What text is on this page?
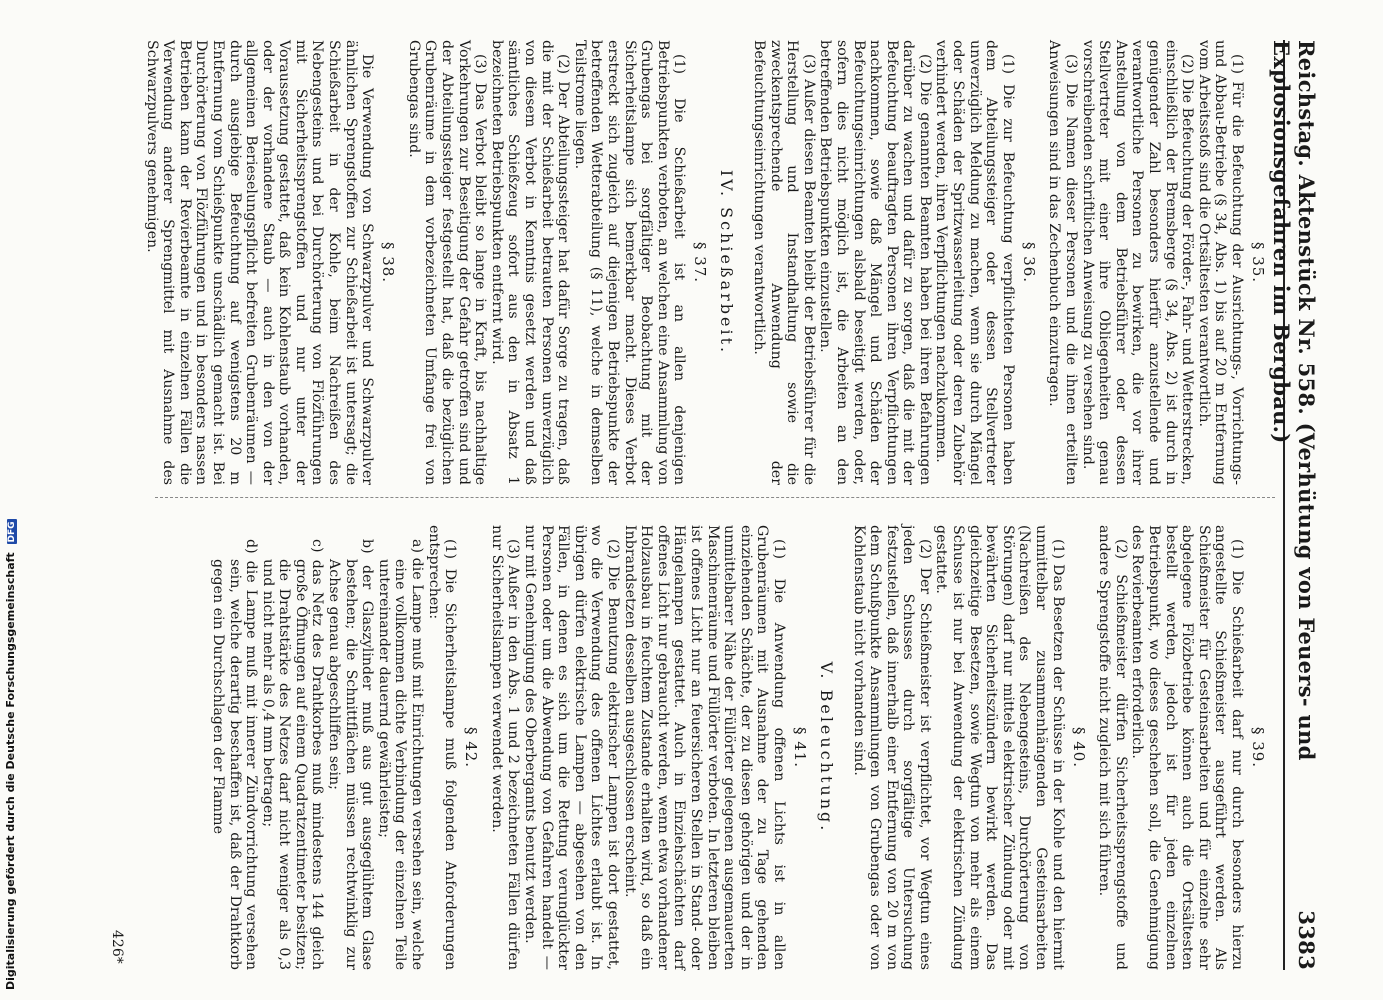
Reichstag. Aktenstück Nr. 558. (Verhütung von Feuers- und Explosionsgefahren im Bergbau.)
3383
§ 35.

(1) Für die Befeuchtung der Ausrichtungs-, Vorrichtungs- und Abbau-Betriebe (§ 34, Abs. 1) bis auf 20 m Entfernung vom Arbeitsstoß sind die Ortsältesten verantwortlich.

(2) Die Befeuchtung der Förder-, Fahr- und Wetterstrecken, einschließlich der Bremsberge (§ 34, Abs. 2) ist durch in genügender Zahl besonders hierfür anzustellende und verantwortliche Personen zu bewirken, die vor ihrer Anstellung von dem Betriebsführer oder dessen Stellvertreter mit einer ihre Obliegenheiten genau vorschreibenden schriftlichen Anweisung zu versehen sind.

(3) Die Namen dieser Personen und die ihnen erteilten Anweisungen sind in das Zechenbuch einzutragen.

§ 36.

(1) Die zur Befeuchtung verpflichteten Personen haben dem Abteilungssteiger oder dessen Stellvertreter unverzüglich Meldung zu machen, wenn sie durch Mängel oder Schäden der Spritzwasserleitung oder deren Zubehör verhindert werden, ihren Verpflichtungen nachzukommen.

(2) Die genannten Beamten haben bei ihren Befahrungen darüber zu wachen und dafür zu sorgen, daß die mit der Befeuchtung beauftragten Personen ihren Verpflichtungen nachkommen, sowie daß Mängel und Schäden der Befeuchtungseinrichtungen alsbald beseitigt werden, oder, sofern dies nicht möglich ist, die Arbeiten an den betreffenden Betriebspunkten einzustellen.

(3) Außer diesen Beamten bleibt der Betriebsführer für die Herstellung und Instandhaltung sowie die zweckentsprechende Anwendung der Befeuchtungseinrichtungen verantwortlich.

IV. Schießarbeit.
§ 37.

(1) Die Schießarbeit ist an allen denjenigen Betriebspunkten verboten, an welchen eine Ansammlung von Grubengas bei sorgfältiger Beobachtung mit der Sicherheitslampe sich bemerkbar macht. Dieses Verbot erstreckt sich zugleich auf diejenigen Betriebspunkte der betreffenden Wetterabteilung (§ 11), welche in demselben Teilstrome liegen.

(2) Der Abteilungssteiger hat dafür Sorge zu tragen, daß die mit der Schießarbeit betrauten Personen unverzüglich von diesem Verbot in Kenntnis gesetzt werden und daß sämtliches Schießzeug sofort aus den in Absatz 1 bezeichneten Betriebspunkten entfernt wird.

(3) Das Verbot bleibt so lange in Kraft, bis nachhaltige Vorkehrungen zur Beseitigung der Gefahr getroffen sind und der Abteilungssteiger festgestellt hat, daß die bezüglichen Grubenräume in dem vorbezeichneten Umfange frei von Grubengas sind.

§ 38.

Die Verwendung von Schwarzpulver und Schwarzpulver ähnlichen Sprengstoffen zur Schießarbeit ist untersagt; die Schießarbeit in der Kohle, beim Nachreißen des Nebengesteins und bei Durchörterung von Flözführungen mit Sicherheitssprengstoffen und nur unter der Voraussetzung gestattet, daß kein Kohlenstaub vorhanden, oder der vorhandene Staub — auch in den von der allgemeinen Berieselungspflicht befreiten Grubenräumen — durch ausgiebige Befeuchtung auf wenigstens 20 m Entfernung vom Schießpunkte unschädlich gemacht ist. Bei Durchörterung von Flözführungen und in besonders nassen Betrieben kann der Revierbeamte in einzelnen Fällen die Verwendung anderer Sprengmittel mit Ausnahme des Schwarzpulvers genehmigen.

§ 39.

(1) Die Schießarbeit darf nur durch besonders hierzu angestellte Schießmeister ausgeführt werden. Als Schießmeister für Gesteinsarbeiten und für einzelne sehr abgelegene Flözbetriebe können auch die Ortsältesten bestellt werden, jedoch ist für jeden einzelnen Betriebspunkt, wo dieses geschehen soll, die Genehmigung des Revierbeamten erforderlich.

(2) Schießmeister dürfen Sicherheitssprengstoffe und andere Sprengstoffe nicht zugleich mit sich führen.

§ 40.

(1) Das Besetzen der Schüsse in der Kohle und den hiermit unmittelbar zusammenhängenden Gesteinsarbeiten (Nachreißen des Nebengesteins, Durchörterung von Störungen) darf nur mittels elektrischer Zündung oder mit bewährten Sicherheitszündern bewirkt werden. Das gleichzeitige Besetzen, sowie Wegtun von mehr als einem Schusse ist nur bei Anwendung der elektrischen Zündung gestattet.

(2) Der Schießmeister ist verpflichtet, vor Wegtun eines jeden Schusses durch sorgfältige Untersuchung festzustellen, daß innerhalb einer Entfernung von 20 m von dem Schußpunkte Ansammlungen von Grubengas oder von Kohlenstaub nicht vorhanden sind.

V. Beleuchtung.
§ 41.

(1) Die Anwendung offenen Lichts ist in allen Grubenräumen mit Ausnahme der zu Tage gehenden einziehenden Schächte, der zu diesen gehörigen und der in unmittelbarer Nähe der Füllörter gelegenen ausgemauerten Maschinenräume und Füllörter verboten. In letzteren bleiben ist offenes Licht nur an feuersicheren Stellen in Stand- oder Hängelampen gestattet. Auch in Einziehschächten darf offenes Licht nur gebraucht werden, wenn etwa vorhandener Holzausbau in feuchtem Zustande erhalten wird, so daß ein Inbrandsetzen desselben ausgeschlossen erscheint.

(2) Die Benutzung elektrischer Lampen ist dort gestattet, wo die Verwendung des offenen Lichtes erlaubt ist. In übrigen dürfen elektrische Lampen — abgesehen von den Fällen, in denen es sich um die Rettung verunglückter Personen oder um die Abwendung von Gefahren handelt — nur mit Genehmigung des Oberbergamts benutzt werden.

(3) Außer in den Abs. 1 und 2 bezeichneten Fällen dürfen nur Sicherheitslampen verwendet werden.

§ 42.

(1) Die Sicherheitslampe muß folgenden Anforderungen entsprechen:

a) die Lampe muß mit Einrichtungen versehen sein, welche eine vollkommen dichte Verbindung der einzelnen Teile untereinander dauernd gewährleisten;

b) der Glaszylinder muß aus gut ausgeglühtem Glase bestehen; die Schnittflächen müssen rechtwinklig zur Achse genau abgeschliffen sein;

c) das Netz des Drahtkorbes muß mindestens 144 gleich große Öffnungen auf einem Quadratzentimeter besitzen; die Drahtstärke des Netzes darf nicht weniger als 0,3 und nicht mehr als 0,4 mm betragen;

d) die Lampe muß mit innerer Zündvorrichtung versehen sein, welche derartig beschaffen ist, daß der Drahtkorb gegen ein Durchschlagen der Flamme

426*
Digitalisierung gefördert durch die Deutsche Forschungsgemeinschaft DFG
